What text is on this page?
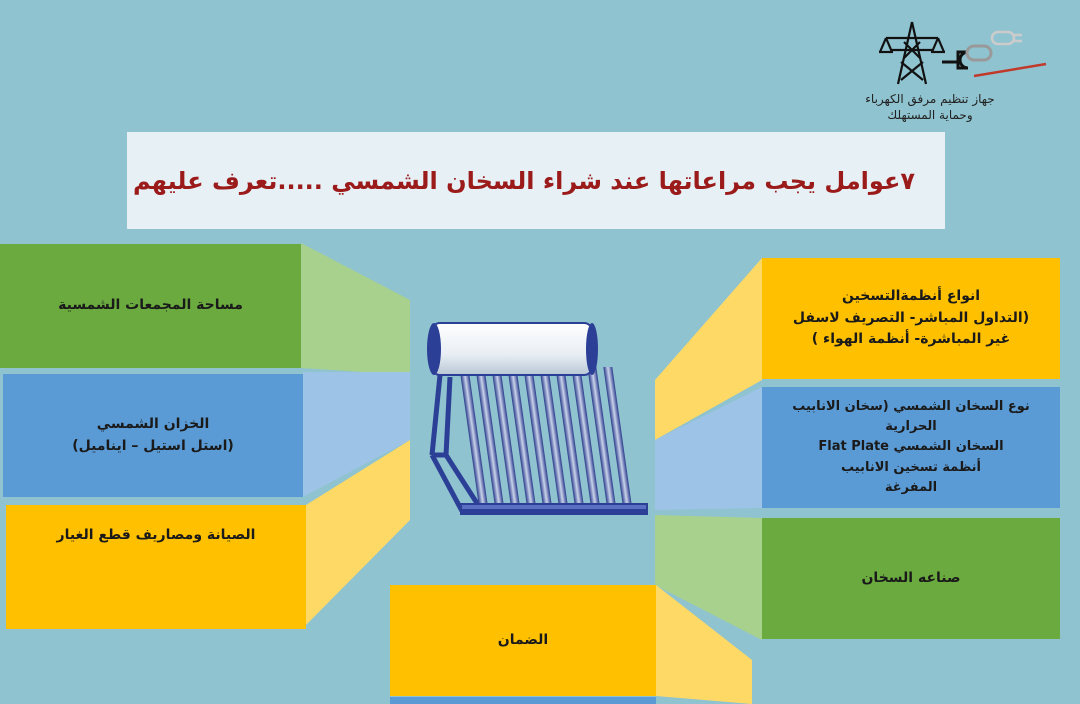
جهاز تنظيم مرفق الكهرباء
وحماية المستهلك
٧عوامل يجب مراعاتها عند شراء السخان الشمسي .....تعرف عليهم
مساحة المجمعات الشمسية
الخزان الشمسي
(استل استيل – ايناميل)
الصيانة ومصاريف قطع الغيار
انواع أنظمةالتسخين
(التداول المباشر- التصريف لاسفل
غير المباشرة- أنظمة الهواء )
نوع السخان الشمسي (سخان الانابيب الحرارية
السخان الشمسي Flat Plate
أنظمة تسخين الانابيب
المفرغة
صناعه السخان
الضمان
